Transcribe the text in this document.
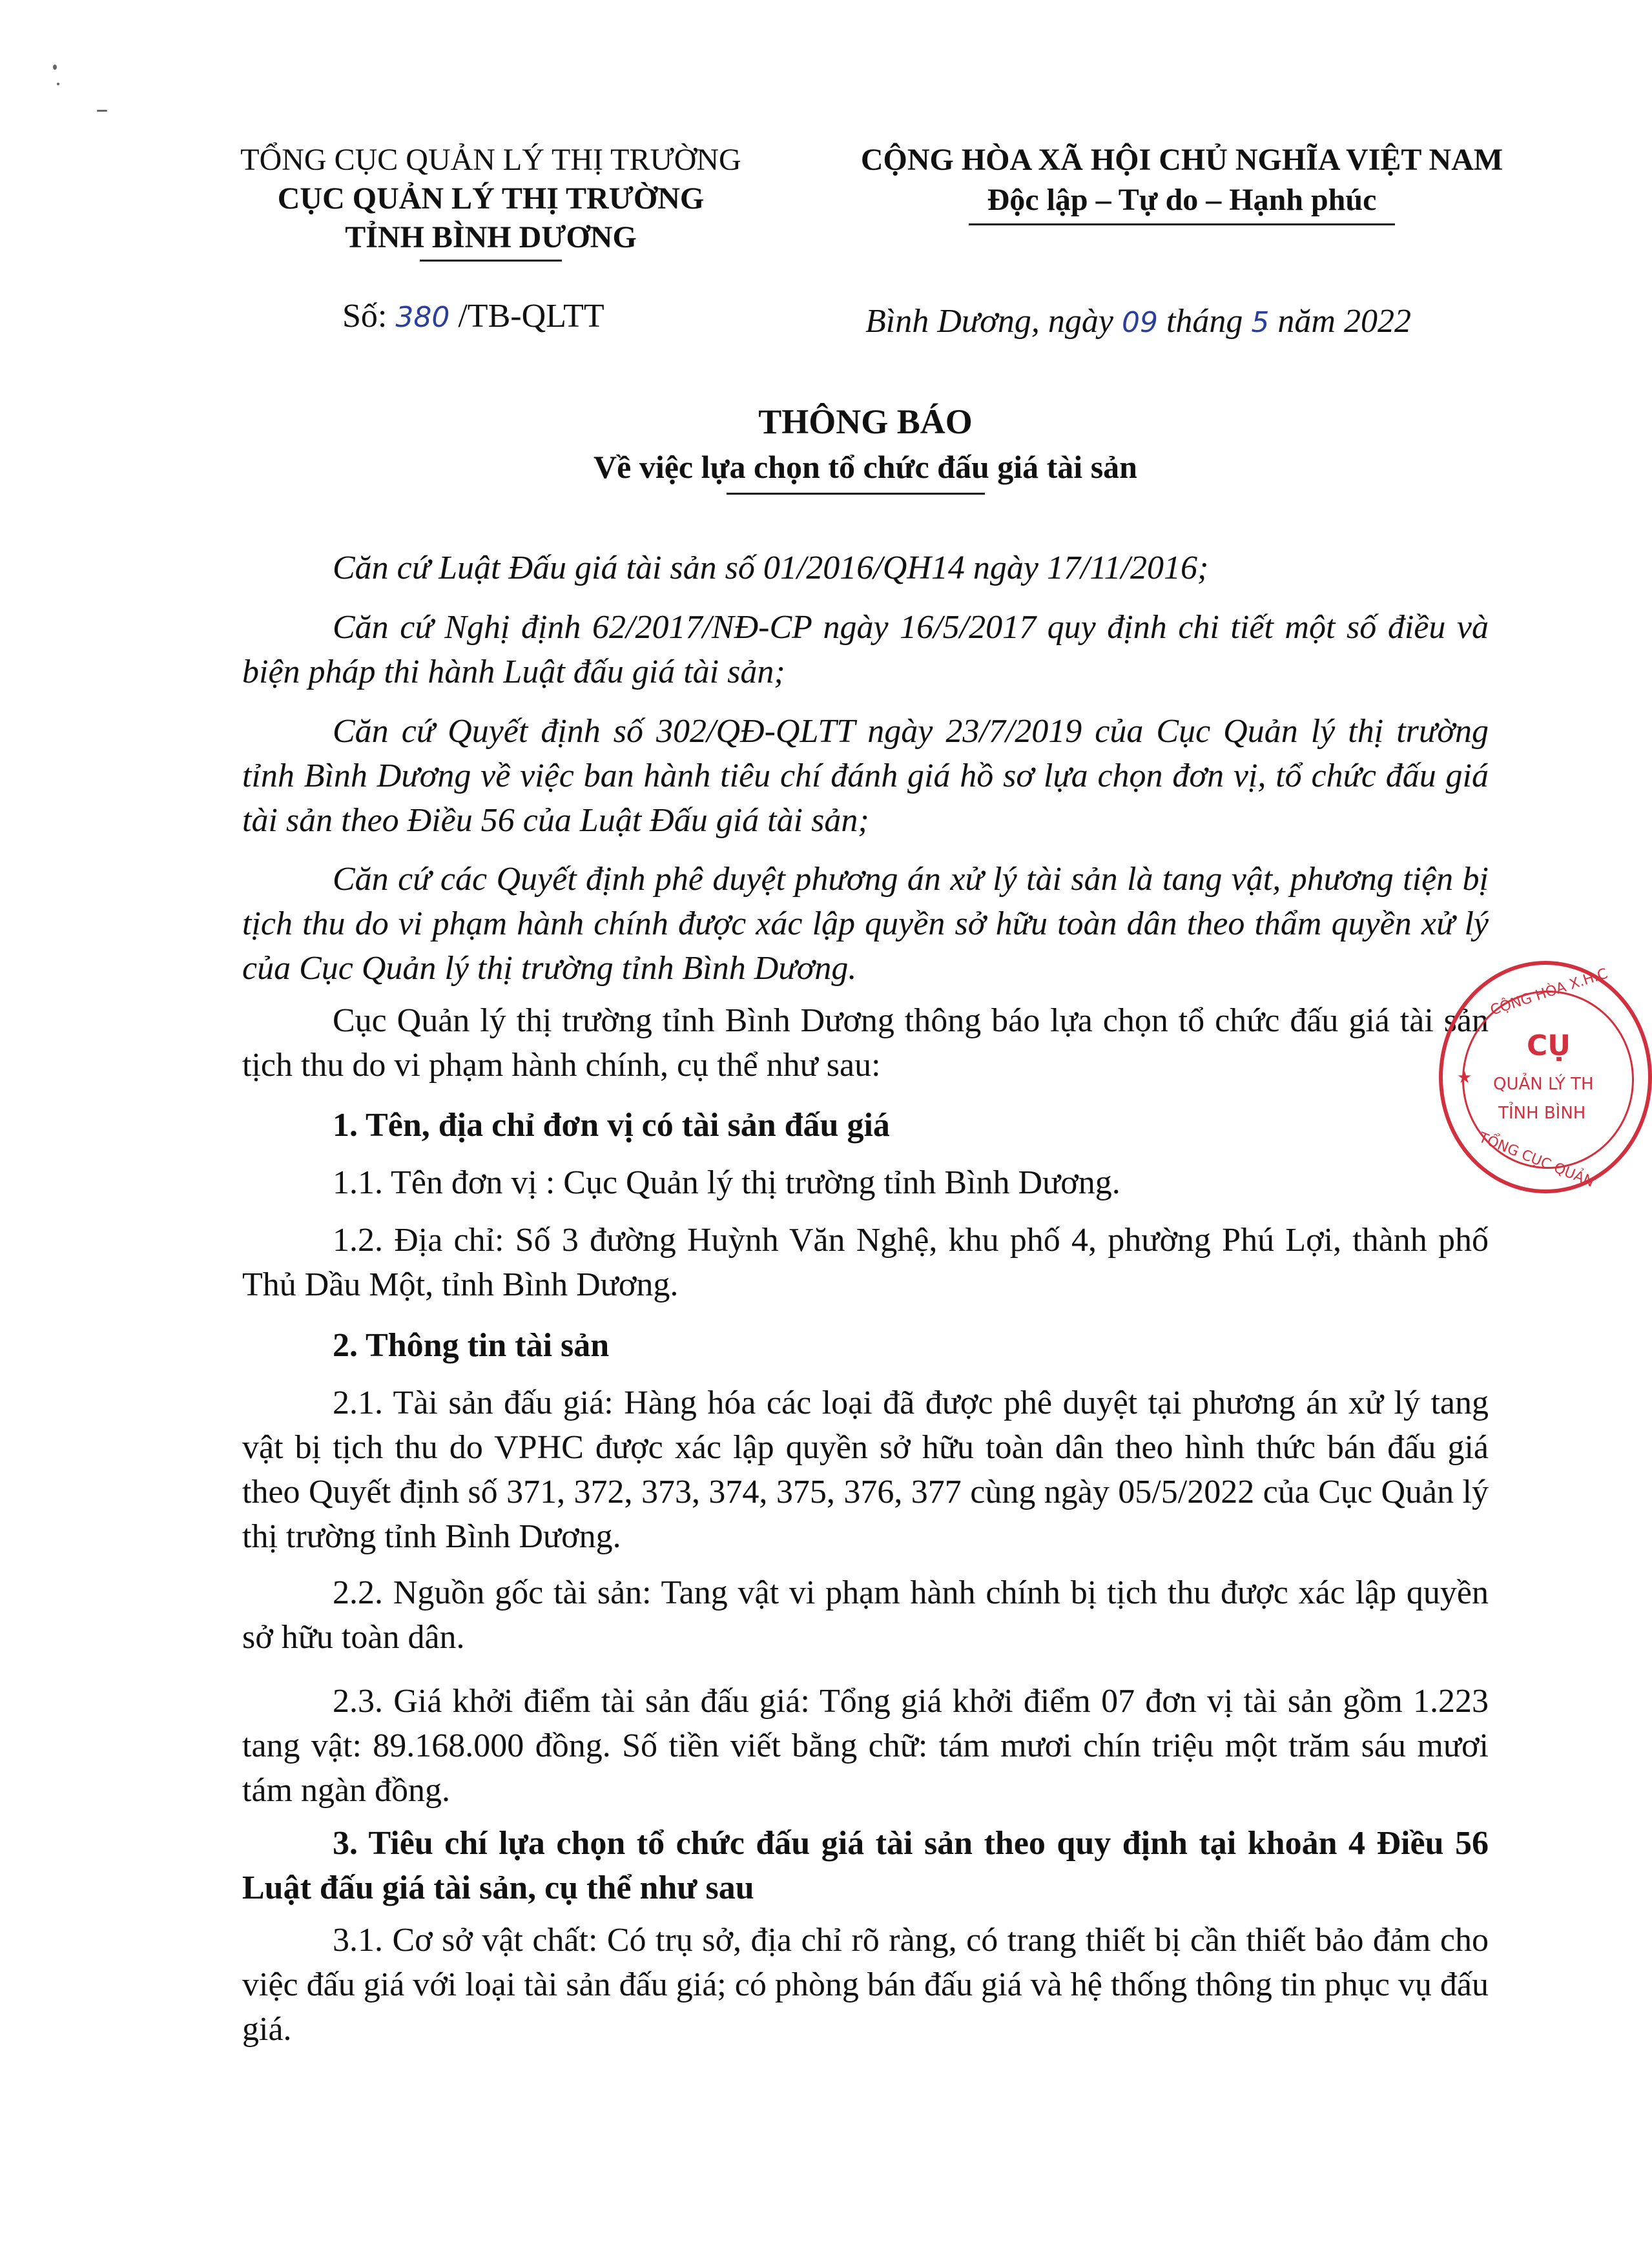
TỔNG CỤC QUẢN LÝ THỊ TRƯỜNG
CỤC QUẢN LÝ THỊ TRƯỜNG
TỈNH BÌNH DƯƠNG
CỘNG HÒA XÃ HỘI CHỦ NGHĨA VIỆT NAM
Độc lập – Tự do – Hạnh phúc
Số: 380 /TB-QLTT	Bình Dương, ngày 09 tháng 5 năm 2022
THÔNG BÁO
Về việc lựa chọn tổ chức đấu giá tài sản

Căn cứ Luật Đấu giá tài sản số 01/2016/QH14 ngày 17/11/2016;

Căn cứ Nghị định 62/2017/NĐ-CP ngày 16/5/2017 quy định chi tiết một số điều và biện pháp thi hành Luật đấu giá tài sản;

Căn cứ Quyết định số 302/QĐ-QLTT ngày 23/7/2019 của Cục Quản lý thị trường tỉnh Bình Dương về việc ban hành tiêu chí đánh giá hồ sơ lựa chọn đơn vị, tổ chức đấu giá tài sản theo Điều 56 của Luật Đấu giá tài sản;

Căn cứ các Quyết định phê duyệt phương án xử lý tài sản là tang vật, phương tiện bị tịch thu do vi phạm hành chính được xác lập quyền sở hữu toàn dân theo thẩm quyền xử lý của Cục Quản lý thị trường tỉnh Bình Dương.

Cục Quản lý thị trường tỉnh Bình Dương thông báo lựa chọn tổ chức đấu giá tài sản tịch thu do vi phạm hành chính, cụ thể như sau:

1. Tên, địa chỉ đơn vị có tài sản đấu giá

1.1. Tên đơn vị : Cục Quản lý thị trường tỉnh Bình Dương.

1.2. Địa chỉ: Số 3 đường Huỳnh Văn Nghệ, khu phố 4, phường Phú Lợi, thành phố Thủ Dầu Một, tỉnh Bình Dương.

2. Thông tin tài sản

2.1. Tài sản đấu giá: Hàng hóa các loại đã được phê duyệt tại phương án xử lý tang vật bị tịch thu do VPHC được xác lập quyền sở hữu toàn dân theo hình thức bán đấu giá theo Quyết định số 371, 372, 373, 374, 375, 376, 377 cùng ngày 05/5/2022 của Cục Quản lý thị trường tỉnh Bình Dương.

2.2. Nguồn gốc tài sản: Tang vật vi phạm hành chính bị tịch thu được xác lập quyền sở hữu toàn dân.

2.3. Giá khởi điểm tài sản đấu giá: Tổng giá khởi điểm 07 đơn vị tài sản gồm 1.223 tang vật: 89.168.000 đồng. Số tiền viết bằng chữ: tám mươi chín triệu một trăm sáu mươi tám ngàn đồng.

3. Tiêu chí lựa chọn tổ chức đấu giá tài sản theo quy định tại khoản 4 Điều 56 Luật đấu giá tài sản, cụ thể như sau

3.1. Cơ sở vật chất: Có trụ sở, địa chỉ rõ ràng, có trang thiết bị cần thiết bảo đảm cho việc đấu giá với loại tài sản đấu giá; có phòng bán đấu giá và hệ thống thông tin phục vụ đấu giá.

CỘNG HÒA X.H.C
★
CỤ
QUẢN LÝ TH
TỈNH BÌNH
TỔNG CỤC QUẢN
